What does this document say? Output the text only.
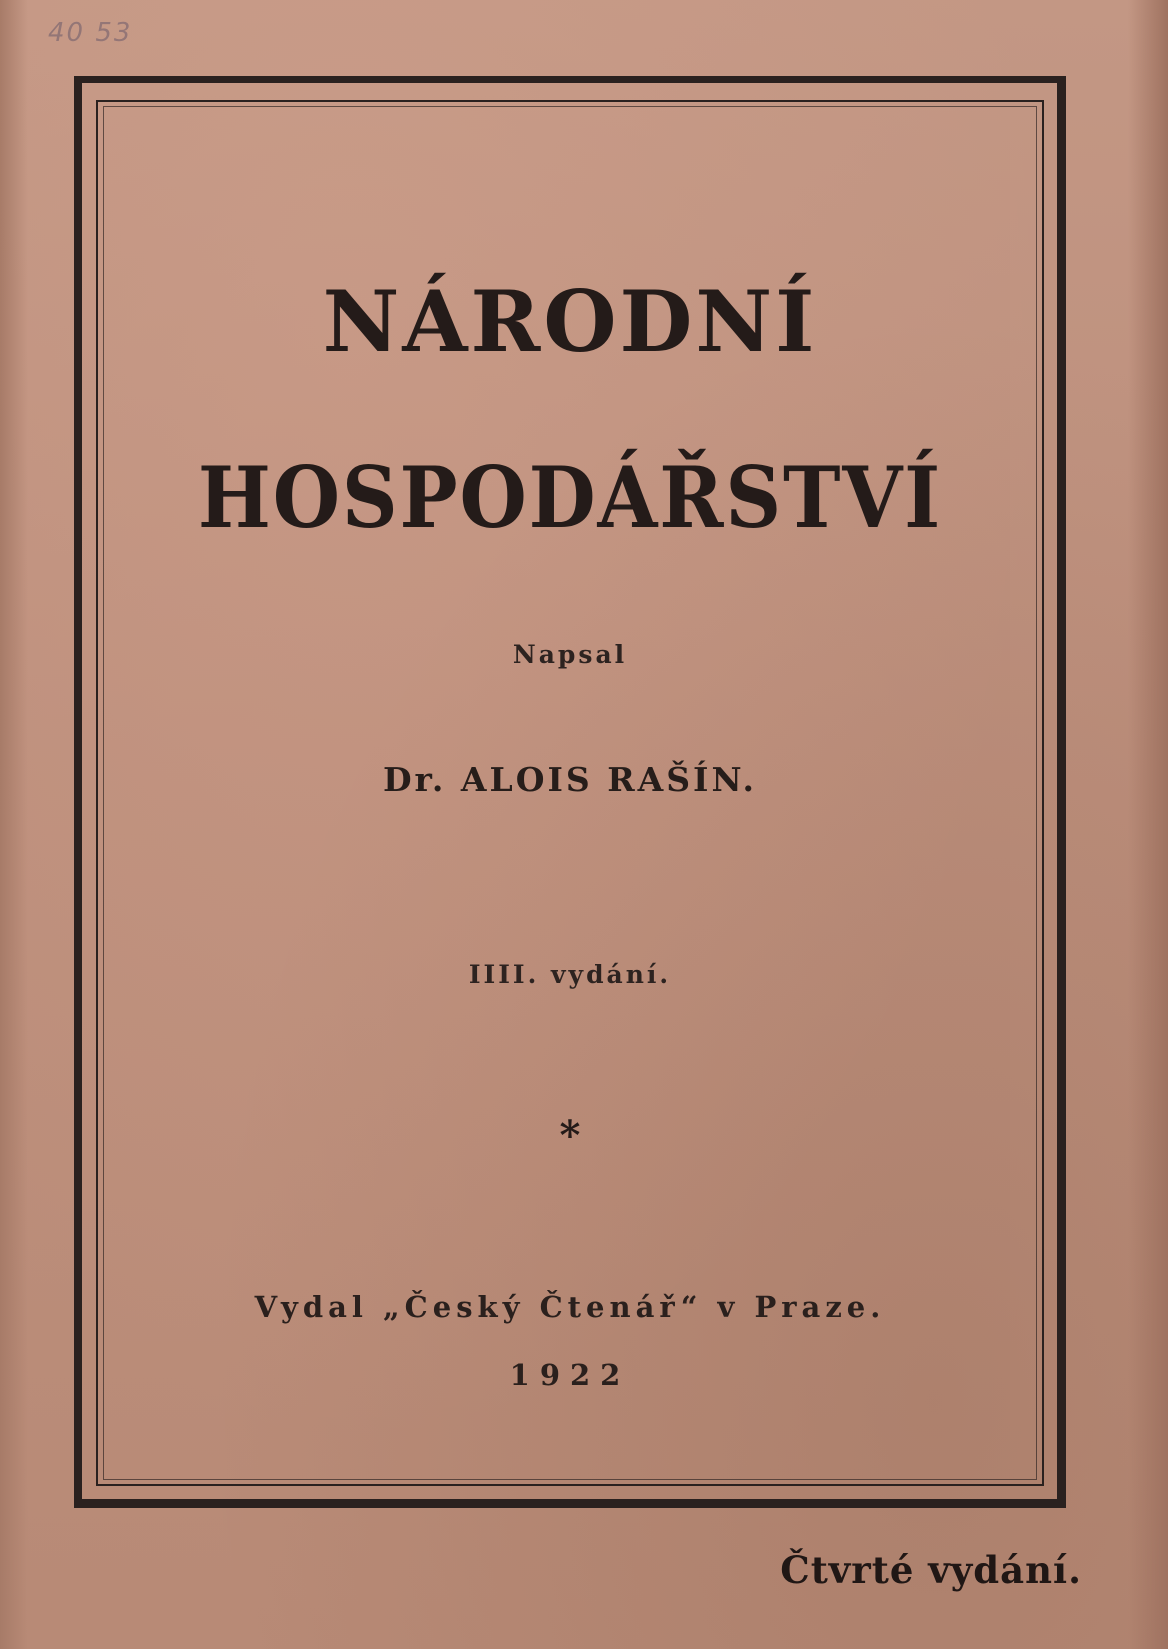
40 53
NÁRODNÍ
HOSPODÁŘSTVÍ
Napsal
Dr. ALOIS RAŠÍN.
IIII. vydání.
*
Vydal „Český Čtenář“ v Praze.
1922
Čtvrté vydání.
